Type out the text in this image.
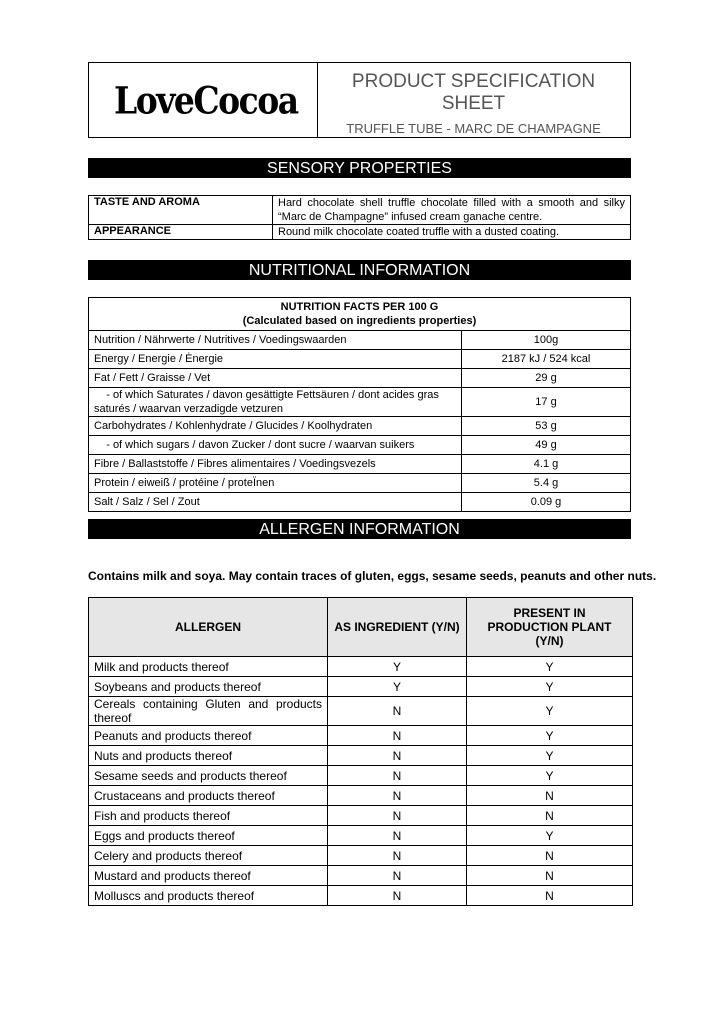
LoveCocoa	PRODUCT SPECIFICATION
SHEET
TRUFFLE TUBE - MARC DE CHAMPAGNE
SENSORY PROPERTIES
TASTE AND AROMA	Hard chocolate shell truffle chocolate filled with a smooth and silky “Marc de Champagne” infused cream ganache centre.
APPEARANCE	Round milk chocolate coated truffle with a dusted coating.
NUTRITIONAL INFORMATION
NUTRITION FACTS PER 100 G
(Calculated based on ingredients properties)	

Nutrition / Nährwerte / Nutritives / Voedingswaarden	100g
Energy / Energie / Ėnergie	2187 kJ / 524 kcal
Fat / Fett / Graisse / Vet	29 g
- of which Saturates / davon gesättigte Fettsäuren / dont acides gras saturés / waarvan verzadigde vetzuren	17 g
Carbohydrates / Kohlenhydrate / Glucides / Koolhydraten	53 g
- of which sugars / davon Zucker / dont sucre / waarvan suikers	49 g
Fibre / Ballaststoffe / Fibres alimentaires / Voedingsvezels	4.1 g
Protein / eiweiß / protéine / proteÏnen	5.4 g
Salt / Salz / Sel / Zout	0.09 g
ALLERGEN INFORMATION
Contains milk and soya. May contain traces of gluten, eggs, sesame seeds, peanuts and other nuts.
ALLERGEN	AS INGREDIENT (Y/N)	PRESENT IN PRODUCTION PLANT (Y/N)
Milk and products thereof	Y	Y
Soybeans and products thereof	Y	Y
Cereals containing Gluten and products thereof	N	Y
Peanuts and products thereof	N	Y
Nuts and products thereof	N	Y
Sesame seeds and products thereof	N	Y
Crustaceans and products thereof	N	N
Fish and products thereof	N	N
Eggs and products thereof	N	Y
Celery and products thereof	N	N
Mustard and products thereof	N	N
Molluscs and products thereof	N	N
